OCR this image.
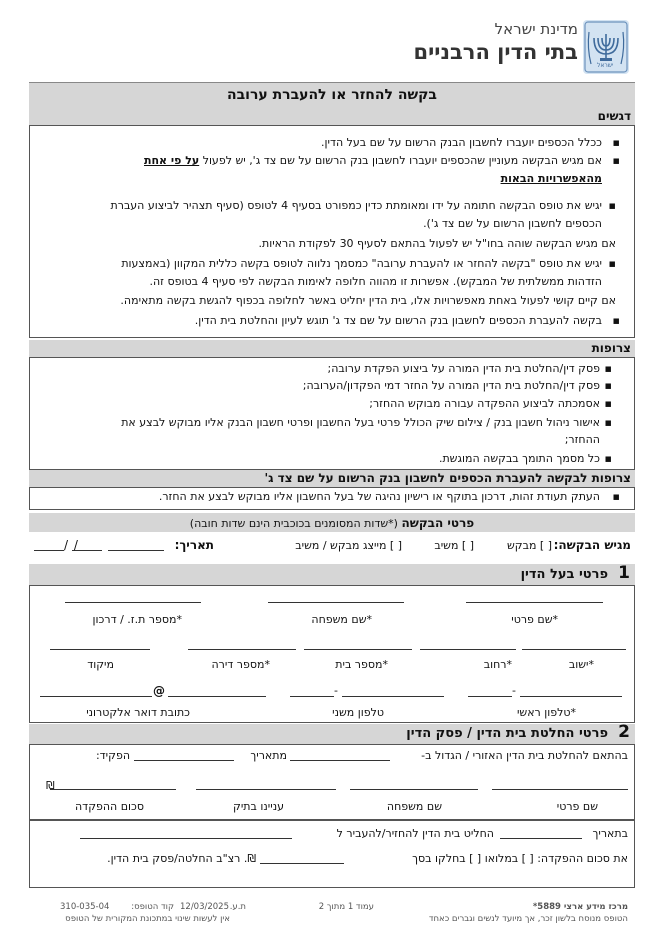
ישראל
מדינת ישראל
בתי הדין הרבניים
בקשה להחזר או להעברת ערובה
דגשים
ככלל הכספים יועברו לחשבון הבנק הרשום על שם בעל הדין. ▪
▪
אם מגיש הבקשה מעוניין שהכספים יועברו לחשבון בנק הרשום על שם צד ג', יש לפעול על פי אחת
מהאפשרויות הבאות
▪
יגיש את טופס הבקשה חתומה על ידו ומאומתת כדין כמפורט בסעיף 4 לטופס (סעיף תצהיר לביצוע העברת
הכספים לחשבון הרשום על שם צד ג').
אם מגיש הבקשה שוהה בחו"ל יש לפעול בהתאם לסעיף 30 לפקודת הראיות.
▪
יגיש את טופס "בקשה להחזר או להעברת ערובה" כמסמך נלווה לטופס בקשה כללית המקוון (באמצעות
הזדהות ממשלתית של המבקש). אפשרות זו מהווה חלופה לאימות הבקשה לפי סעיף 4 בטופס זה.
אם קיים קושי לפעול באחת מאפשרויות אלו, בית הדין יחליט באשר לחלופה בכפוף להגשת בקשה מתאימה.
▪
בקשה להעברת הכספים לחשבון בנק הרשום על שם צד ג' תוגש לעיון והחלטת בית הדין.
צרופות
▪
פסק דין/החלטת בית הדין המורה על ביצוע הפקדת ערובה;
▪
פסק דין/החלטת בית הדין המורה על החזר דמי הפקדון/הערובה;
▪
אסמכתה לביצוע ההפקדה עבורה מבוקש ההחזר;
▪
אישור ניהול חשבון בנק / צילום שיק הכולל פרטי בעל החשבון ופרטי חשבון הבנק אליו מבוקש לבצע את
ההחזר;
▪
כל מסמך התומך בבקשה המוגשת.
צרופות לבקשה להעברת הכספים לחשבון בנק הרשום על שם צד ג'
▪
העתק תעודת זהות, דרכון בתוקף או רישיון נהיגה של בעל החשבון אליו מבוקש לבצע את החזר.
פרטי הבקשה (*שדות המסומנים בכוכבית הינם שדות חובה)
מגיש הבקשה:
[ ] מבקש
[ ] משיב
[ ] מייצג מבקש / משיב
תאריך:
/ /
1
פרטי בעל הדין
*שם פרטי
*שם משפחה
*מספר ת.ז. / דרכון
*ישוב
*רחוב
*מספר בית
*מספר דירה
מיקוד
-
-
@
*טלפון ראשי
טלפון משני
כתובת דואר אלקטרוני
2
פרטי החלטת בית הדין / פסק הדין
בהתאם להחלטת בית הדין האזורי / הגדול ב-
מתאריך
הפקיד:
₪
שם פרטי
שם משפחה
עניינו בתיק
סכום ההפקדה
בתאריך
החליט בית הדין להחזיר/להעביר ל
את סכום ההפקדה: [ ] במלואו [ ] בחלקו בסך
₪. רצ"ב החלטה/פסק בית הדין.
מרכז מידע ארצי 5889*
הטופס מנוסח בלשון זכר, אך מיועד לנשים וגברים כאחד
עמוד 1 מתוך 2
ת.ע.
12/03/2025
קוד הטופס:
310-035-04
אין לעשות שינוי במתכונת המקורית של הטופס
